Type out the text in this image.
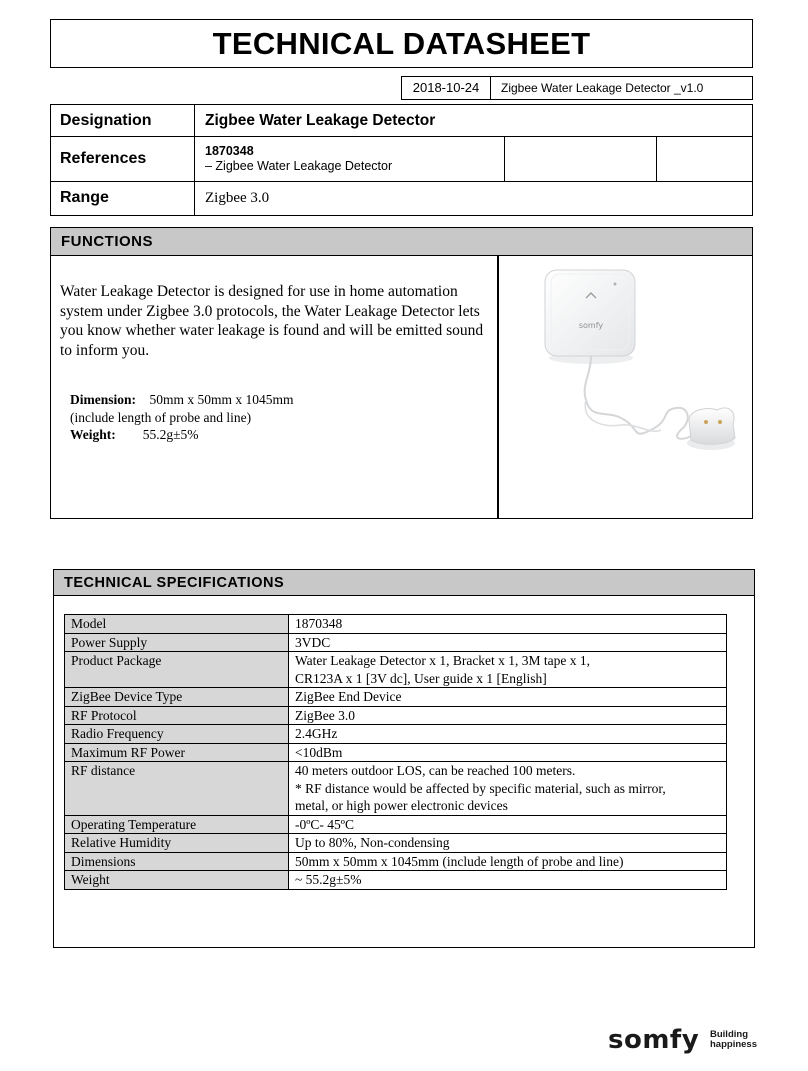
TECHNICAL DATASHEET
2018-10-24	Zigbee Water Leakage Detector _v1.0
Designation	Zigbee Water Leakage Detector
References	1870348
– Zigbee Water Leakage Detector
Range	Zigbee 3.0
FUNCTIONS
Water Leakage Detector is designed for use in home automation system under Zigbee 3.0 protocols, the Water Leakage Detector lets you know whether water leakage is found and will be emitted sound to inform you.
Dimension: 50mm x 50mm x 1045mm
(include length of probe and line)
Weight: 55.2g±5%
somfy
TECHNICAL SPECIFICATIONS
Model	1870348

Power Supply	3VDC

Product Package	Water Leakage Detector x 1, Bracket x 1, 3M tape x 1,
CR123A x 1 [3V dc], User guide x 1 [English]

ZigBee Device Type	ZigBee End Device

RF Protocol	ZigBee 3.0

Radio Frequency	2.4GHz

Maximum RF Power	<10dBm

RF distance	40 meters outdoor LOS, can be reached 100 meters.
* RF distance would be affected by specific material, such as mirror,
metal, or high power electronic devices

Operating Temperature	-0ºC- 45ºC

Relative Humidity	Up to 80%, Non-condensing

Dimensions	50mm x 50mm x 1045mm (include length of probe and line)

Weight	~ 55.2g±5%
somfy Building
happiness
